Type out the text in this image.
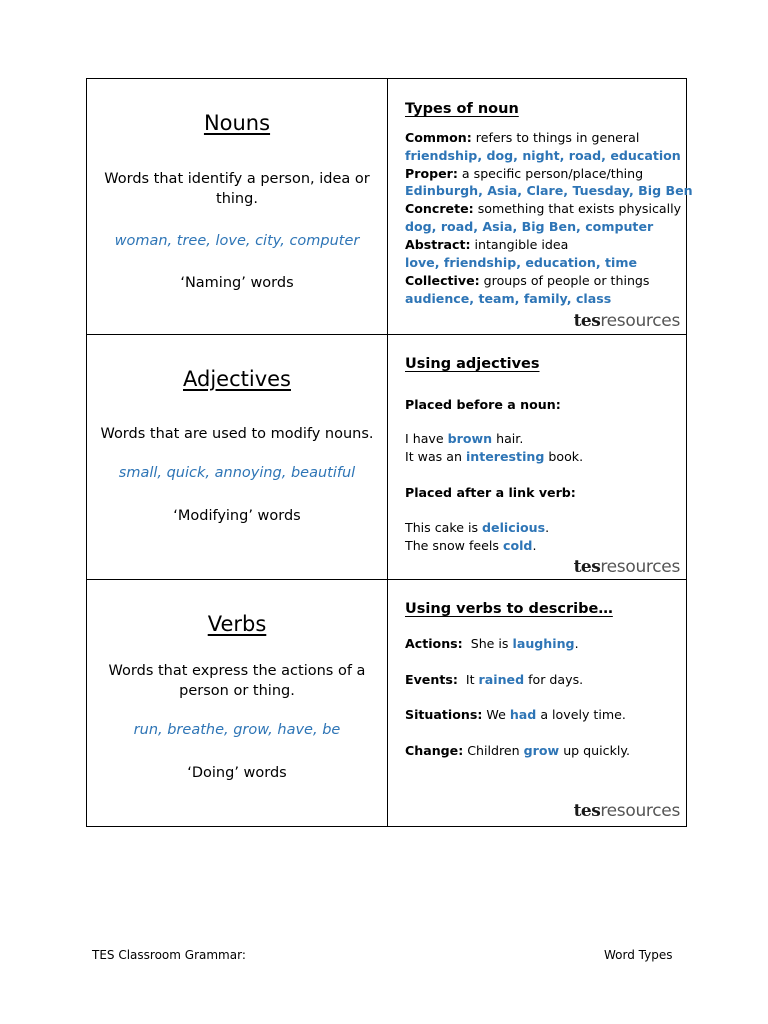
Nouns
Words that identify a person, idea or thing.
woman, tree, love, city, computer
‘Naming’ words
Types of noun
Common: refers to things in general
friendship, dog, night, road, education
Proper: a specific person/place/thing
Edinburgh, Asia, Clare, Tuesday, Big Ben
Concrete: something that exists physically
dog, road, Asia, Big Ben, computer
Abstract: intangible idea
love, friendship, education, time
Collective: groups of people or things
audience, team, family, class
tesresources
Adjectives
Words that are used to modify nouns.
small, quick, annoying, beautiful
‘Modifying’ words
Using adjectives
Placed before a noun:
I have brown hair.
It was an interesting book.
Placed after a link verb:
This cake is delicious.
The snow feels cold.
tesresources
Verbs
Words that express the actions of a person or thing.
run, breathe, grow, have, be
‘Doing’ words
Using verbs to describe…
Actions:  She is laughing.
Events:  It rained for days.
Situations: We had a lovely time.
Change: Children grow up quickly.
tesresources
TES Classroom Grammar:	Word Types
